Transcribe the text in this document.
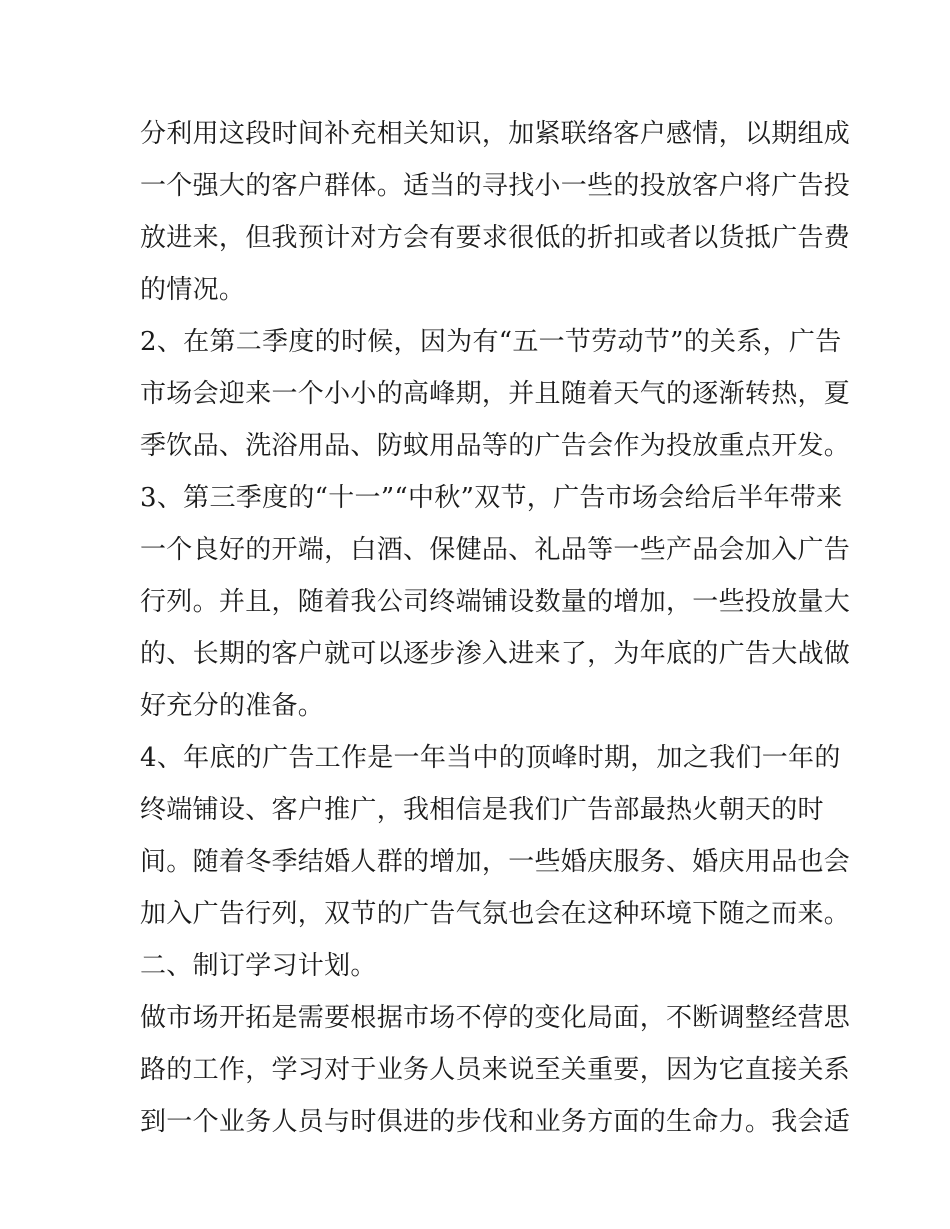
分利用这段时间补充相关知识，加紧联络客户感情，以期组成
一个强大的客户群体。适当的寻找小一些的投放客户将广告投
放进来，但我预计对方会有要求很低的折扣或者以货抵广告费
的情况。
2、在第二季度的时候，因为有“五一节劳动节”的关系，广告
市场会迎来一个小小的高峰期，并且随着天气的逐渐转热，夏
季饮品、洗浴用品、防蚊用品等的广告会作为投放重点开发。
3、第三季度的“十一”“中秋”双节，广告市场会给后半年带来
一个良好的开端，白酒、保健品、礼品等一些产品会加入广告
行列。并且，随着我公司终端铺设数量的增加，一些投放量大
的、长期的客户就可以逐步渗入进来了，为年底的广告大战做
好充分的准备。
4、年底的广告工作是一年当中的顶峰时期，加之我们一年的
终端铺设、客户推广，我相信是我们广告部最热火朝天的时
间。随着冬季结婚人群的增加，一些婚庆服务、婚庆用品也会
加入广告行列，双节的广告气氛也会在这种环境下随之而来。
二、制订学习计划。
做市场开拓是需要根据市场不停的变化局面，不断调整经营思
路的工作，学习对于业务人员来说至关重要，因为它直接关系
到一个业务人员与时俱进的步伐和业务方面的生命力。我会适
